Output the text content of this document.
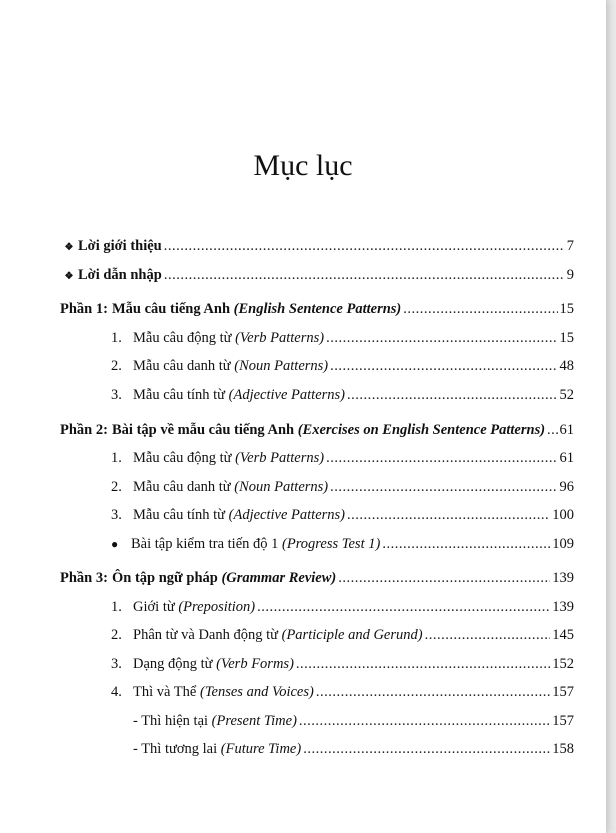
Mục lục
❖ Lời giới thiệu .....	7
❖ Lời dẫn nhập .....	9
Phần 1: Mẫu câu tiếng Anh (English Sentence Patterns) .....	15
1. Mẫu câu động từ (Verb Patterns) .....	15
2. Mẫu câu danh từ (Noun Patterns) .....	48
3. Mẫu câu tính từ (Adjective Patterns) .....	52
Phần 2: Bài tập về mẫu câu tiếng Anh (Exercises on English Sentence Patterns) ..... 61
1. Mẫu câu động từ (Verb Patterns) .....	61
2. Mẫu câu danh từ (Noun Patterns) .....	96
3. Mẫu câu tính từ (Adjective Patterns) .....	100
● Bài tập kiểm tra tiến độ 1 (Progress Test 1) .....	109
Phần 3: Ôn tập ngữ pháp (Grammar Review) .....	139
1. Giới từ (Preposition) .....	139
2. Phân từ và Danh động từ (Participle and Gerund) .....	145
3. Dạng động từ (Verb Forms) .....	152
4. Thì và Thể (Tenses and Voices) .....	157
- Thì hiện tại (Present Time) .....	157
- Thì tương lai (Future Time) .....	158
